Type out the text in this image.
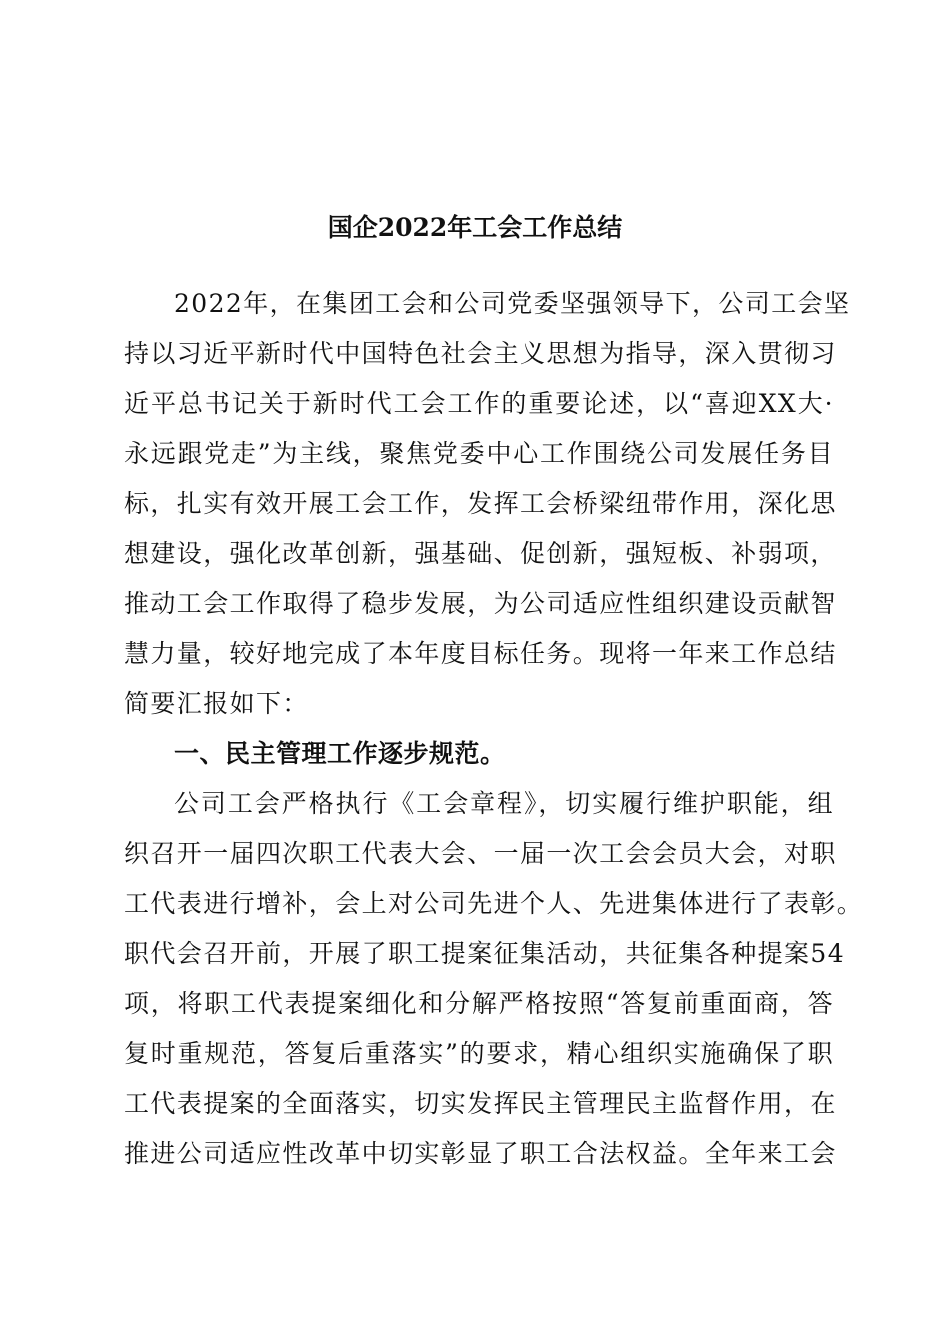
国企2022年工会工作总结
2022年，在集团工会和公司党委坚强领导下，公司工会坚
持以习近平新时代中国特色社会主义思想为指导，深入贯彻习
近平总书记关于新时代工会工作的重要论述，以“喜迎XX大·
永远跟党走”为主线，聚焦党委中心工作围绕公司发展任务目
标，扎实有效开展工会工作，发挥工会桥梁纽带作用，深化思
想建设，强化改革创新，强基础、促创新，强短板、补弱项，
推动工会工作取得了稳步发展，为公司适应性组织建设贡献智
慧力量，较好地完成了本年度目标任务。现将一年来工作总结
简要汇报如下：
一、民主管理工作逐步规范。
公司工会严格执行《工会章程》，切实履行维护职能，组
织召开一届四次职工代表大会、一届一次工会会员大会，对职
工代表进行增补，会上对公司先进个人、先进集体进行了表彰。
职代会召开前，开展了职工提案征集活动，共征集各种提案54
项，将职工代表提案细化和分解严格按照“答复前重面商，答
复时重规范，答复后重落实”的要求，精心组织实施确保了职
工代表提案的全面落实，切实发挥民主管理民主监督作用，在
推进公司适应性改革中切实彰显了职工合法权益。全年来工会
